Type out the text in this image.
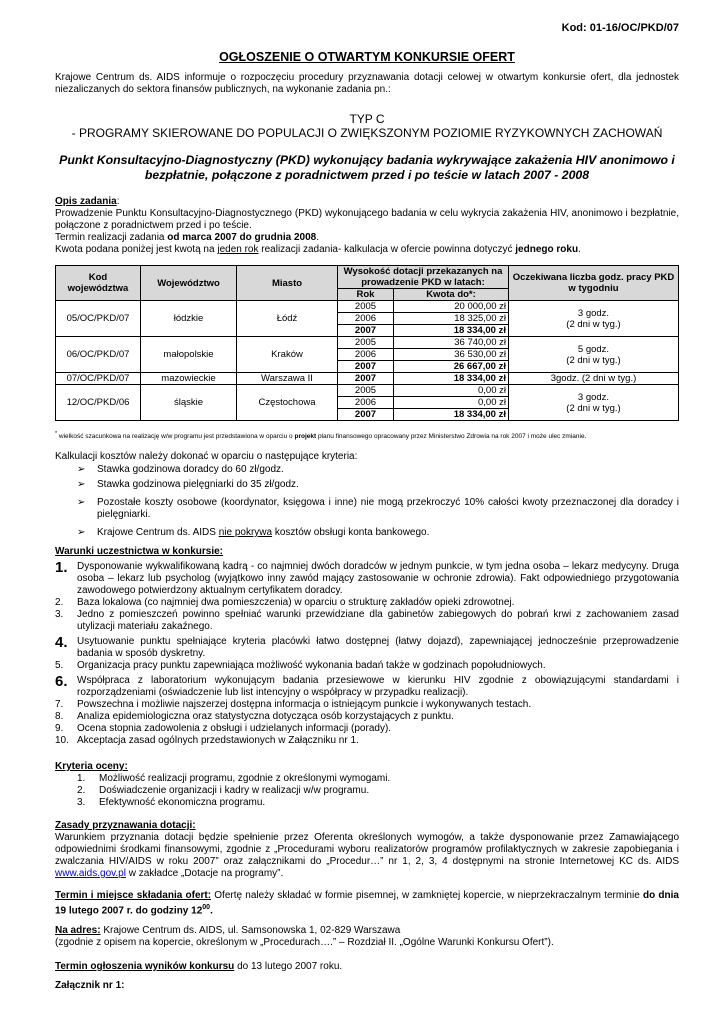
Kod: 01-16/OC/PKD/07
OGŁOSZENIE O OTWARTYM KONKURSIE OFERT
Krajowe Centrum ds. AIDS informuje o rozpoczęciu procedury przyznawania dotacji celowej w otwartym konkursie ofert, dla jednostek niezaliczanych do sektora finansów publicznych, na wykonanie zadania pn.:
TYP C
- PROGRAMY SKIEROWANE DO POPULACJI O ZWIĘKSZONYM POZIOMIE RYZYKOWNYCH ZACHOWAŃ
Punkt Konsultacyjno-Diagnostyczny (PKD) wykonujący badania wykrywające zakażenia HIV anonimowo i bezpłatnie, połączone z poradnictwem przed i po teście w latach 2007 - 2008
Opis zadania:
Prowadzenie Punktu Konsultacyjno-Diagnostycznego (PKD) wykonującego badania w celu wykrycia zakażenia HIV, anonimowo i bezpłatnie, połączone z poradnictwem przed i po teście.
Termin realizacji zadania od marca 2007 do grudnia 2008.
Kwota podana poniżej jest kwotą na jeden rok realizacji zadania- kalkulacja w ofercie powinna dotyczyć jednego roku.
Kod województwa	Województwo	Miasto	Wysokość dotacji przekazanych na prowadzenie PKD w latach:		Oczekiwana liczba godz. pracy PKD w tygodniu
			Rok	Kwota do*:	
05/OC/PKD/07	łódzkie	Łódź	2005	20 000,00 zł	3 godz.
(2 dni w tyg.)

			2006	18 325,00 zł	
			2007	18 334,00 zł	
06/OC/PKD/07	małopolskie	Kraków	2005	36 740,00 zł	5 godz.
(2 dni w tyg.)

			2006	36 530,00 zł	
			2007	26 667,00 zł	
07/OC/PKD/07	mazowieckie	Warszawa II	2007	18 334,00 zł	3godz. (2 dni w tyg.)
12/OC/PKD/06	śląskie	Częstochowa	2005	0,00 zł	3 godz.
(2 dni w tyg.)

			2006	0,00 zł	
			2007	18 334,00 zł	
* wielkość szacunkowa na realizację w/w programu jest przedstawiona w oparciu o projekt planu finansowego opracowany przez Ministerstwo Zdrowia na rok 2007 i może ulec zmianie.
Kalkulacji kosztów należy dokonać w oparciu o następujące kryteria:
➢ Stawka godzinowa doradcy do 60 zł/godz.
➢ Stawka godzinowa pielęgniarki do 35 zł/godz.
➢ Pozostałe koszty osobowe (koordynator, księgowa i inne) nie mogą przekroczyć 10% całości kwoty przeznaczonej dla doradcy i pielęgniarki.
➢ Krajowe Centrum ds. AIDS nie pokrywa kosztów obsługi konta bankowego.
Warunki uczestnictwa w konkursie:
1. Dysponowanie wykwalifikowaną kadrą - co najmniej dwóch doradców w jednym punkcie, w tym jedna osoba – lekarz medycyny. Druga osoba – lekarz lub psycholog (wyjątkowo inny zawód mający zastosowanie w ochronie zdrowia). Fakt odpowiedniego przygotowania zawodowego potwierdzony aktualnym certyfikatem doradcy.
2. Baza lokalowa (co najmniej dwa pomieszczenia) w oparciu o strukturę zakładów opieki zdrowotnej.
3. Jedno z pomieszczeń powinno spełniać warunki przewidziane dla gabinetów zabiegowych do pobrań krwi z zachowaniem zasad utylizacji materiału zakaźnego.
4. Usytuowanie punktu spełniające kryteria placówki łatwo dostępnej (łatwy dojazd), zapewniającej jednocześnie przeprowadzenie badania w sposób dyskretny.
5. Organizacja pracy punktu zapewniająca możliwość wykonania badań także w godzinach popołudniowych.
6. Współpraca z laboratorium wykonującym badania przesiewowe w kierunku HIV zgodnie z obowiązującymi standardami i rozporządzeniami (oświadczenie lub list intencyjny o współpracy w przypadku realizacji).
7. Powszechna i możliwie najszerzej dostępna informacja o istniejącym punkcie i wykonywanych testach.
8. Analiza epidemiologiczna oraz statystyczna dotycząca osób korzystających z punktu.
9. Ocena stopnia zadowolenia z obsługi i udzielanych informacji (porady).
10. Akceptacja zasad ogólnych przedstawionych w Załączniku nr 1.
Kryteria oceny:
1. Możliwość realizacji programu, zgodnie z określonymi wymogami.
2. Doświadczenie organizacji i kadry w realizacji w/w programu.
3. Efektywność ekonomiczna programu.
Zasady przyznawania dotacji:
Warunkiem przyznania dotacji będzie spełnienie przez Oferenta określonych wymogów, a także dysponowanie przez Zamawiającego odpowiednimi środkami finansowymi, zgodnie z „Procedurami wyboru realizatorów programów profilaktycznych w zakresie zapobiegania i zwalczania HIV/AIDS w roku 2007” oraz załącznikami do „Procedur…” nr 1, 2, 3, 4 dostępnymi na stronie Internetowej KC ds. AIDS www.aids.gov.pl w zakładce „Dotacje na programy”.
Termin i miejsce składania ofert: Ofertę należy składać w formie pisemnej, w zamkniętej kopercie, w nieprzekraczalnym terminie do dnia 19 lutego 2007 r. do godziny $12^{00}$.
Na adres: Krajowe Centrum ds. AIDS, ul. Samsonowska 1, 02-829 Warszawa
(zgodnie z opisem na kopercie, określonym w „Procedurach….” – Rozdział II. „Ogólne Warunki Konkursu Ofert”).
Termin ogłoszenia wyników konkursu do 13 lutego 2007 roku.
Załącznik nr 1:
